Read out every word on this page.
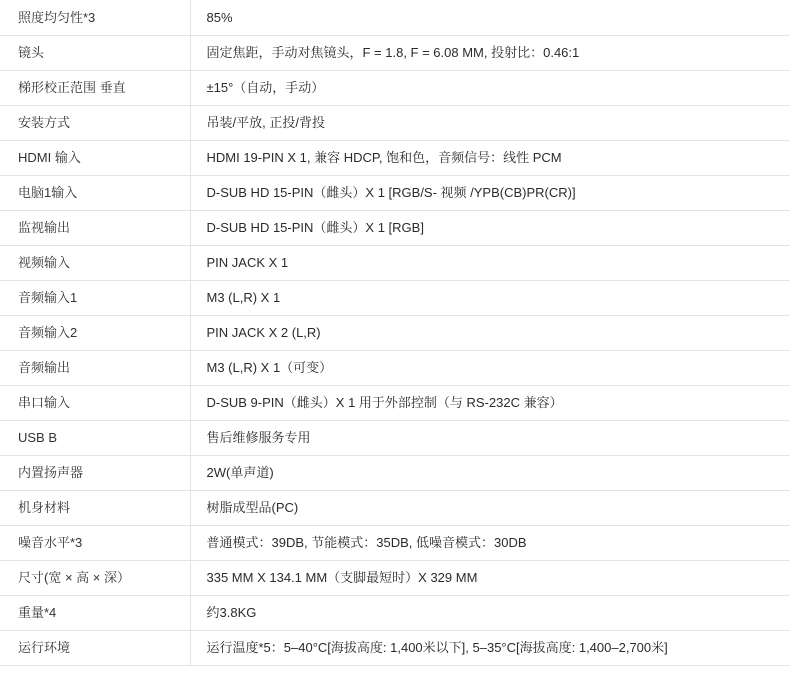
照度均匀性*3	85%
镜头	固定焦距，手动对焦镜头，F = 1.8, F = 6.08 MM, 投射比：0.46:1
梯形校正范围 垂直	±15°（自动，手动）
安装方式	吊装/平放, 正投/背投
HDMI 输入	HDMI 19-PIN X 1, 兼容 HDCP, 饱和色，音频信号：线性 PCM
电脑1输入	D-SUB HD 15-PIN（雌头）X 1 [RGB/S- 视频 /YPB(CB)PR(CR)]
监视输出	D-SUB HD 15-PIN（雌头）X 1 [RGB]
视频输入	PIN JACK X 1
音频输入1	M3 (L,R) X 1
音频输入2	PIN JACK X 2 (L,R)
音频输出	M3 (L,R) X 1（可变）
串口输入	D-SUB 9-PIN（雌头）X 1 用于外部控制（与 RS-232C 兼容）
USB B	售后维修服务专用
内置扬声器	2W(单声道)
机身材料	树脂成型品(PC)
噪音水平*3	普通模式：39DB, 节能模式：35DB, 低噪音模式：30DB
尺寸(宽 × 高 × 深）	335 MM X 134.1 MM（支脚最短时）X 329 MM
重量*4	约3.8KG
运行环境	运行温度*5：5–40°C[海拔高度: 1,400米以下], 5–35°C[海拔高度: 1,400–2,700米]
